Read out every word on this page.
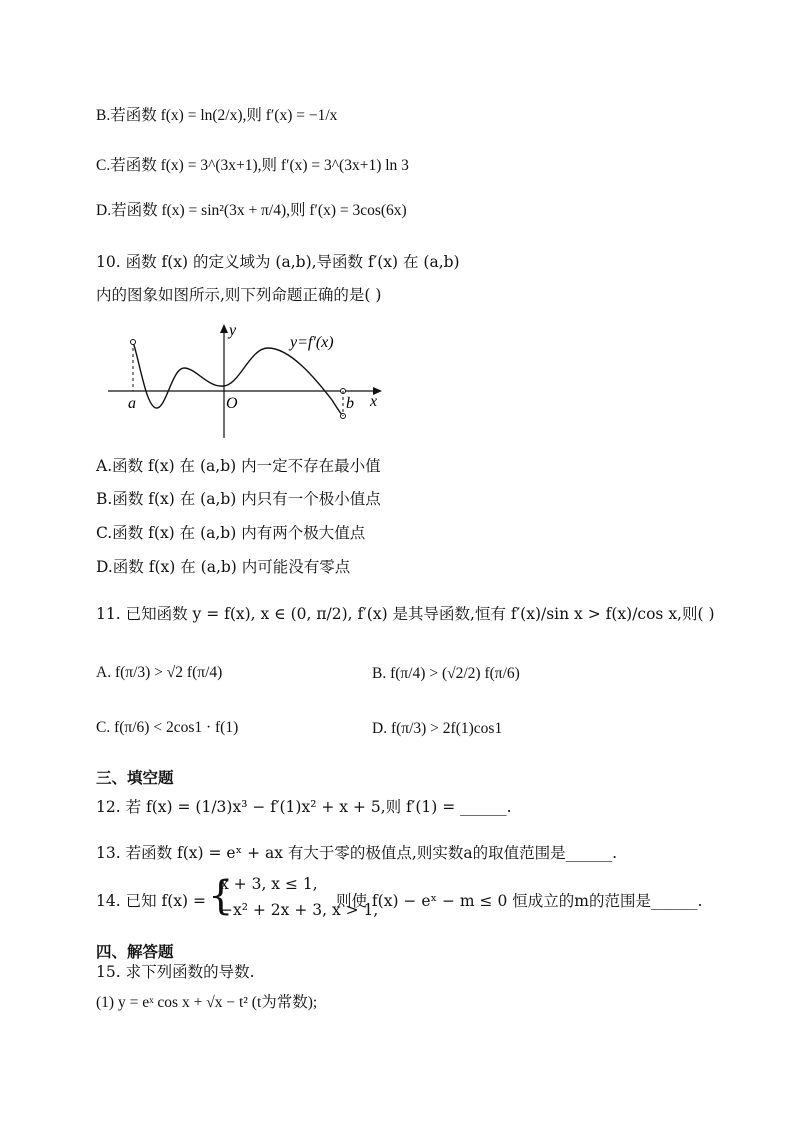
B.若函数 f(x) = ln(2/x),则 f′(x) = −1/x
C.若函数 f(x) = 3^(3x+1),则 f′(x) = 3^(3x+1) ln 3
D.若函数 f(x) = sin²(3x + π/4),则 f′(x) = 3cos(6x)
10. 函数 f(x) 的定义域为 (a,b),导函数 f′(x) 在 (a,b)
内的图象如图所示,则下列命题正确的是( )
y
x
O
a	b
y=f′(x)
A.函数 f(x) 在 (a,b) 内一定不存在最小值
B.函数 f(x) 在 (a,b) 内只有一个极小值点
C.函数 f(x) 在 (a,b) 内有两个极大值点
D.函数 f(x) 在 (a,b) 内可能没有零点
11. 已知函数 y = f(x), x ∈ (0, π/2), f′(x) 是其导函数,恒有 f′(x)/sin x > f(x)/cos x,则( )
A. f(π/3) > √2 f(π/4)	B. f(π/4) > (√2/2) f(π/6)
C. f(π/6) < 2cos1 · f(1)	D. f(π/3) > 2f(1)cos1
三、填空题
12. 若 f(x) = (1/3)x³ − f′(1)x² + x + 5,则 f′(1) = ______.
13. 若函数 f(x) = eˣ + ax 有大于零的极值点,则实数a的取值范围是______.
14. 已知 f(x) = {
x + 3, x ≤ 1,
−x² + 2x + 3, x > 1,
则使 f(x) − eˣ − m ≤ 0 恒成立的m的范围是______.
四、解答题
15. 求下列函数的导数.
(1) y = eˣ cos x + √x − t² (t为常数);
